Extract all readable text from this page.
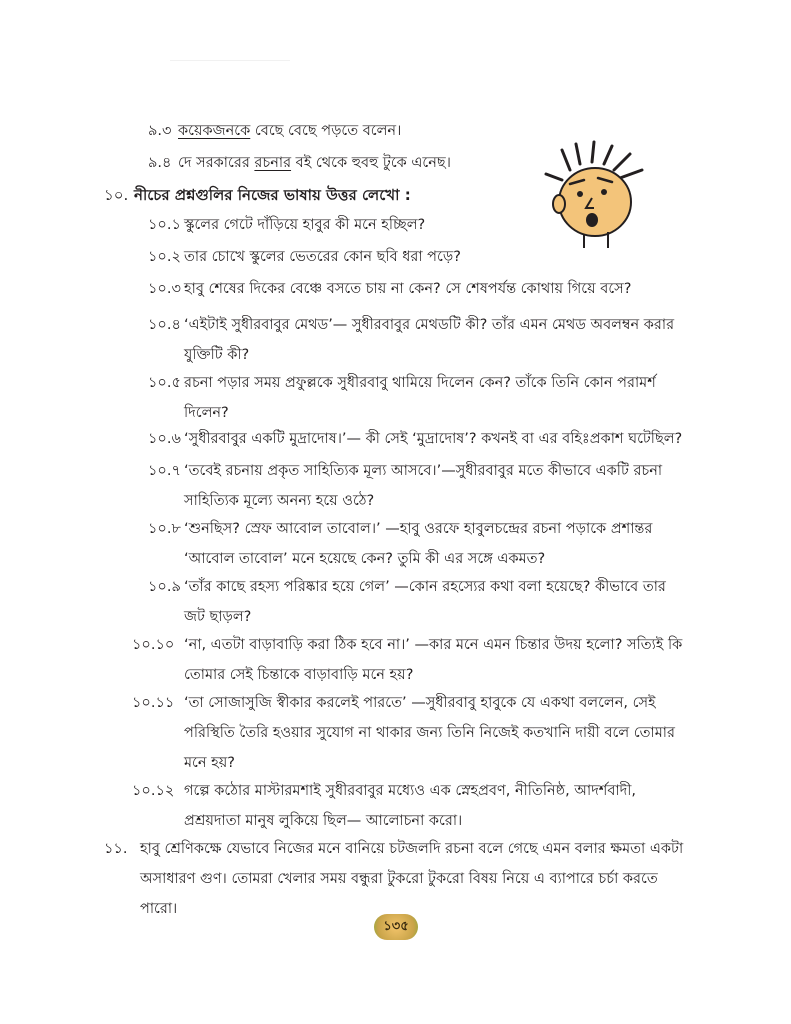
৯.৩ কয়েকজনকে বেছে বেছে পড়তে বলেন।
৯.৪ দে সরকারের রচনার বই থেকে হুবহু টুকে এনেছ।
১০. নীচের প্রশ্নগুলির নিজের ভাষায় উত্তর লেখো :
১০.১ স্কুলের গেটে দাঁড়িয়ে হাবুর কী মনে হচ্ছিল?
১০.২ তার চোখে স্কুলের ভেতরের কোন ছবি ধরা পড়ে?
১০.৩ হাবু শেষের দিকের বেঞ্চে বসতে চায় না কেন? সে শেষপর্যন্ত কোথায় গিয়ে বসে?
১০.৪ ‘এইটাই সুধীরবাবুর মেথড’— সুধীরবাবুর মেথডটি কী? তাঁর এমন মেথড অবলম্বন করার যুক্তিটি কী?
১০.৫ রচনা পড়ার সময় প্রফুল্লকে সুধীরবাবু থামিয়ে দিলেন কেন? তাঁকে তিনি কোন পরামর্শ দিলেন?
১০.৬ ‘সুধীরবাবুর একটি মুদ্রাদোষ।’— কী সেই ‘মুদ্রাদোষ’? কখনই বা এর বহিঃপ্রকাশ ঘটেছিল?
১০.৭ ‘তবেই রচনায় প্রকৃত সাহিত্যিক মূল্য আসবে।’—সুধীরবাবুর মতে কীভাবে একটি রচনা সাহিত্যিক মূল্যে অনন্য হয়ে ওঠে?
১০.৮ ‘শুনছিস? স্রেফ আবোল তাবোল।’ —হাবু ওরফে হাবুলচন্দ্রের রচনা পড়াকে প্রশান্তর ‘আবোল তাবোল’ মনে হয়েছে কেন? তুমি কী এর সঙ্গে একমত?
১০.৯ ‘তাঁর কাছে রহস্য পরিষ্কার হয়ে গেল’ —কোন রহস্যের কথা বলা হয়েছে? কীভাবে তার জট ছাড়ল?
১০.১০ ‘না, এতটা বাড়াবাড়ি করা ঠিক হবে না।’ —কার মনে এমন চিন্তার উদয় হলো? সত্যিই কি তোমার সেই চিন্তাকে বাড়াবাড়ি মনে হয়?
১০.১১ ‘তা সোজাসুজি স্বীকার করলেই পারতে’ —সুধীরবাবু হাবুকে যে একথা বললেন, সেই পরিস্থিতি তৈরি হওয়ার সুযোগ না থাকার জন্য তিনি নিজেই কতখানি দায়ী বলে তোমার মনে হয়?
১০.১২ গল্পে কঠোর মাস্টারমশাই সুধীরবাবুর মধ্যেও এক স্নেহপ্রবণ, নীতিনিষ্ঠ, আদর্শবাদী, প্রশ্রয়দাতা মানুষ লুকিয়ে ছিল— আলোচনা করো।
১১. হাবু শ্রেণিকক্ষে যেভাবে নিজের মনে বানিয়ে চটজলদি রচনা বলে গেছে এমন বলার ক্ষমতা একটা অসাধারণ গুণ। তোমরা খেলার সময় বন্ধুরা টুকরো টুকরো বিষয় নিয়ে এ ব্যাপারে চর্চা করতে পারো।
১৩৫
